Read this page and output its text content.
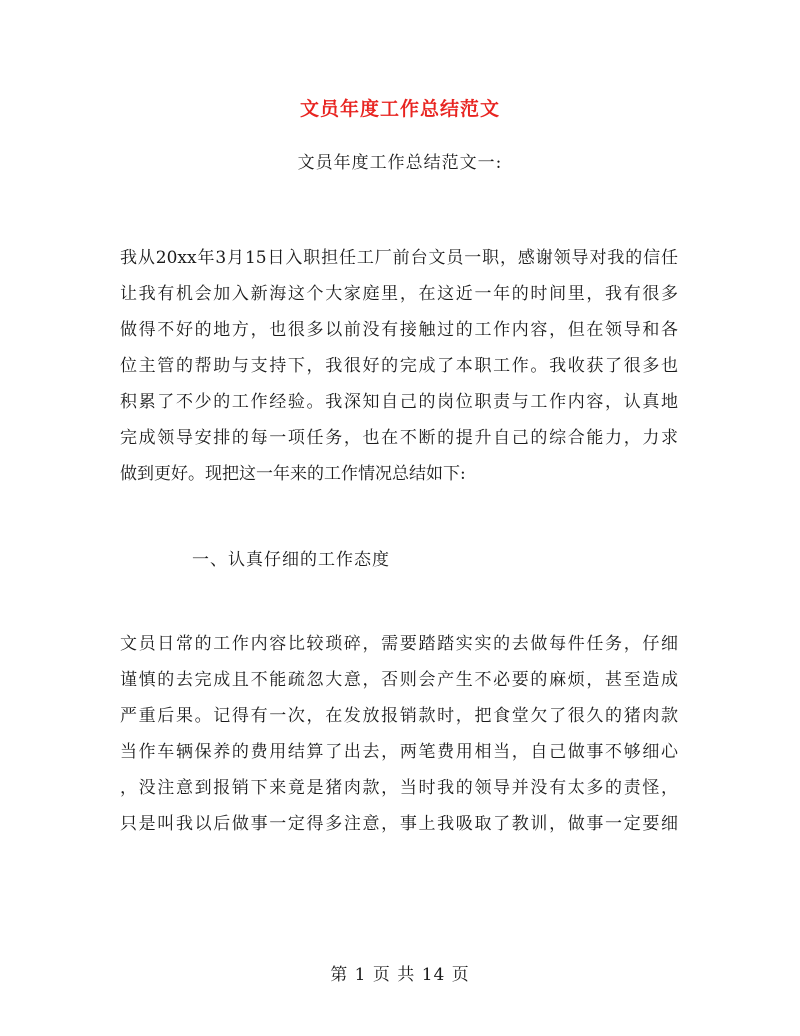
文员年度工作总结范文
文员年度工作总结范文一:
我从20xx年3月15日入职担任工厂前台文员一职，感谢领导对我的信任
让我有机会加入新海这个大家庭里，在这近一年的时间里，我有很多
做得不好的地方，也很多以前没有接触过的工作内容，但在领导和各
位主管的帮助与支持下，我很好的完成了本职工作。我收获了很多也
积累了不少的工作经验。我深知自己的岗位职责与工作内容，认真地
完成领导安排的每一项任务，也在不断的提升自己的综合能力，力求
做到更好。现把这一年来的工作情况总结如下:
一、认真仔细的工作态度
文员日常的工作内容比较琐碎，需要踏踏实实的去做每件任务，仔细
谨慎的去完成且不能疏忽大意，否则会产生不必要的麻烦，甚至造成
严重后果。记得有一次，在发放报销款时，把食堂欠了很久的猪肉款
当作车辆保养的费用结算了出去，两笔费用相当，自己做事不够细心
，没注意到报销下来竟是猪肉款，当时我的领导并没有太多的责怪，
只是叫我以后做事一定得多注意，事上我吸取了教训，做事一定要细
第 1 页 共 14 页
